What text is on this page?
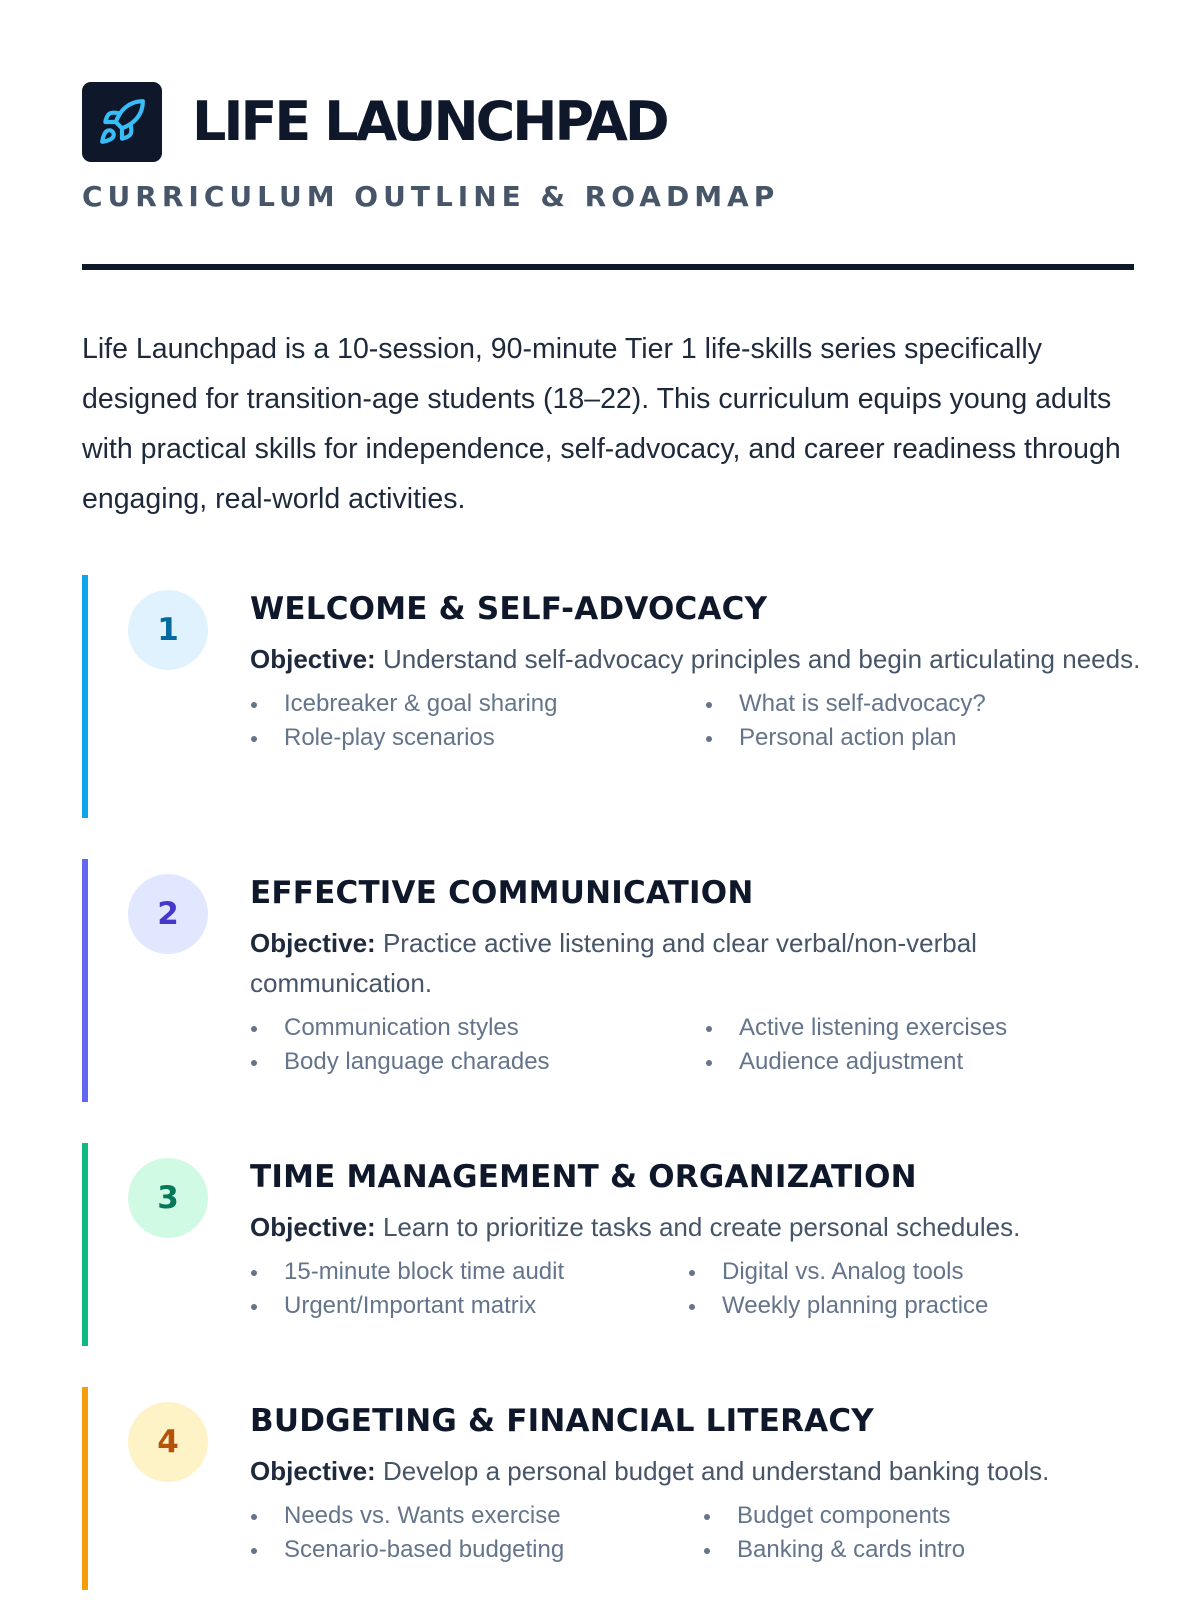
LIFE LAUNCHPAD
CURRICULUM OUTLINE & ROADMAP

Life Launchpad is a 10-session, 90-minute Tier 1 life-skills series specifically designed for transition-age students (18–22). This curriculum equips young adults with practical skills for independence, self-advocacy, and career readiness through engaging, real-world activities.

1
WELCOME & SELF-ADVOCACY
Objective: Understand self-advocacy principles and begin articulating needs.
Icebreaker & goal sharing	What is self-advocacy?
Role-play scenarios	Personal action plan
2
EFFECTIVE COMMUNICATION
Objective: Practice active listening and clear verbal/non-verbal communication.
Communication styles	Active listening exercises
Body language charades	Audience adjustment
3
TIME MANAGEMENT & ORGANIZATION
Objective: Learn to prioritize tasks and create personal schedules.
15-minute block time audit	Digital vs. Analog tools
Urgent/Important matrix	Weekly planning practice
4
BUDGETING & FINANCIAL LITERACY
Objective: Develop a personal budget and understand banking tools.
Needs vs. Wants exercise	Budget components
Scenario-based budgeting	Banking & cards intro
